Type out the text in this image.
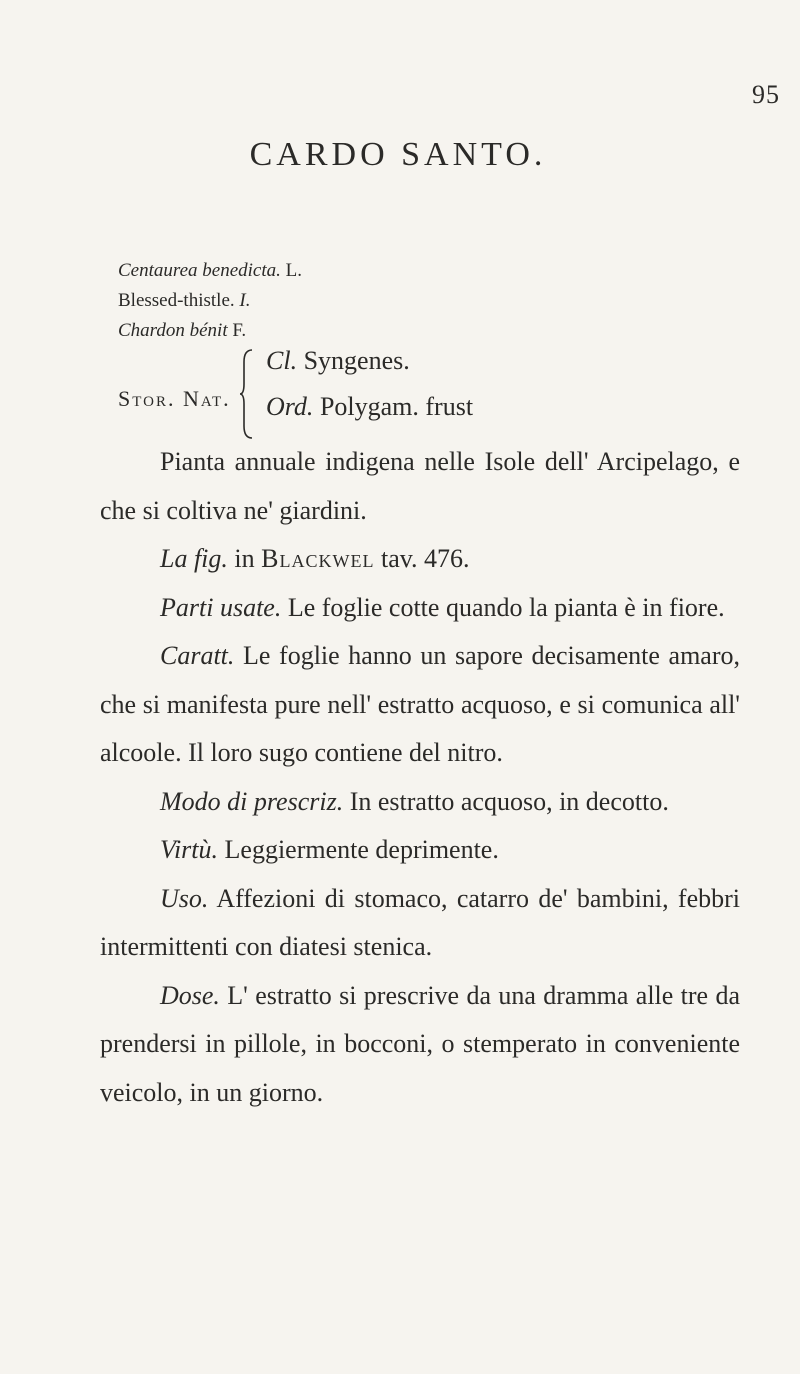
95
CARDO SANTO.
Centaurea benedicta. L.
Blessed-thistle. I.
Chardon bénit F.
Stor. Nat.
Cl. Syngenes.
Ord. Polygam. frust

Pianta annuale indigena nelle Isole dell' Arcipelago, e che si coltiva ne' giardini.

La fig. in Blackwel tav. 476.

Parti usate. Le foglie cotte quando la pianta è in fiore.

Caratt. Le foglie hanno un sapore decisamente amaro, che si manifesta pure nell' estratto acquoso, e si comunica all' alcoole. Il loro sugo contiene del nitro.

Modo di prescriz. In estratto acquoso, in decotto.

Virtù. Leggiermente deprimente.

Uso. Affezioni di stomaco, catarro de' bambini, febbri intermittenti con diatesi stenica.

Dose. L' estratto si prescrive da una dramma alle tre da prendersi in pillole, in bocconi, o stemperato in conveniente veicolo, in un giorno.
